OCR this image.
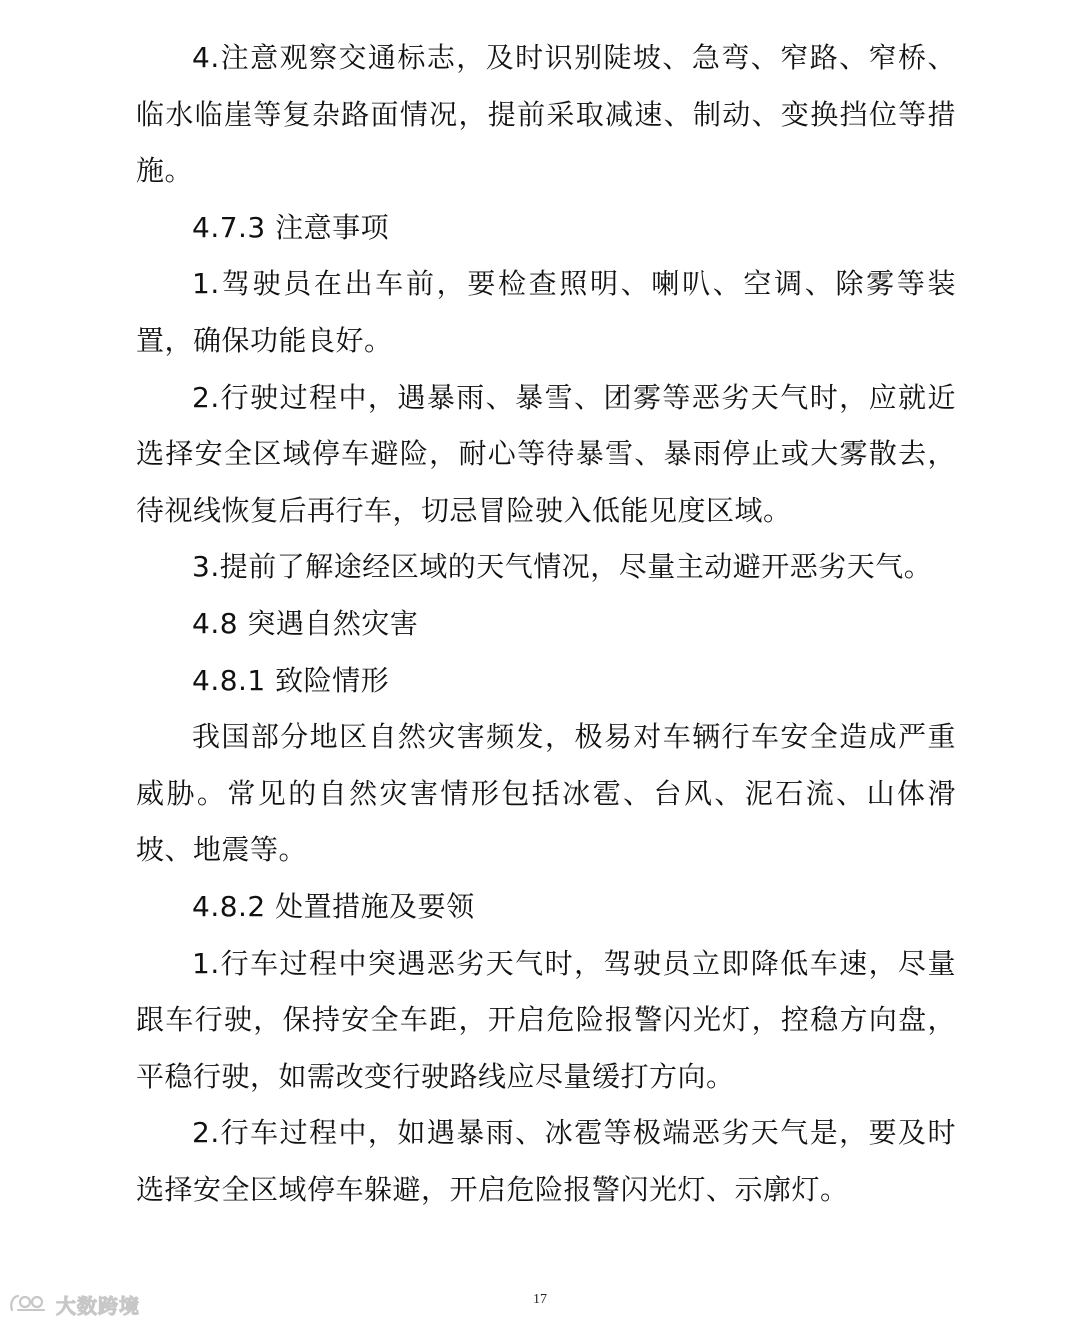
4.注意观察交通标志，及时识别陡坡、急弯、窄路、窄桥、临水临崖等复杂路面情况，提前采取减速、制动、变换挡位等措施。

4.7.3 注意事项

1.驾驶员在出车前，要检查照明、喇叭、空调、除雾等装置，确保功能良好。

2.行驶过程中，遇暴雨、暴雪、团雾等恶劣天气时，应就近选择安全区域停车避险，耐心等待暴雪、暴雨停止或大雾散去，待视线恢复后再行车，切忌冒险驶入低能见度区域。

3.提前了解途经区域的天气情况，尽量主动避开恶劣天气。

4.8 突遇自然灾害

4.8.1 致险情形

我国部分地区自然灾害频发，极易对车辆行车安全造成严重威胁。常见的自然灾害情形包括冰雹、台风、泥石流、山体滑坡、地震等。

4.8.2 处置措施及要领

1.行车过程中突遇恶劣天气时，驾驶员立即降低车速，尽量跟车行驶，保持安全车距，开启危险报警闪光灯，控稳方向盘，平稳行驶，如需改变行驶路线应尽量缓打方向。

2.行车过程中，如遇暴雨、冰雹等极端恶劣天气是，要及时选择安全区域停车躲避，开启危险报警闪光灯、示廓灯。

17
大数跨境
